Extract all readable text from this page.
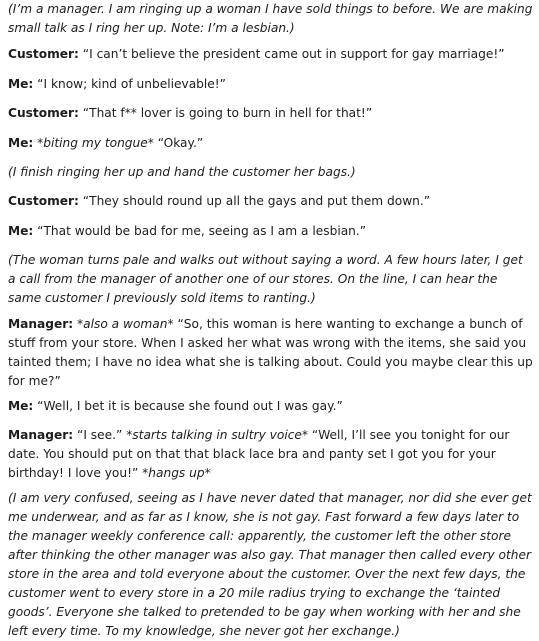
(I’m a manager. I am ringing up a woman I have sold things to before. We are making small talk as I ring her up. Note: I’m a lesbian.)

Customer: “I can’t believe the president came out in support for gay marriage!”

Me: “I know; kind of unbelievable!”

Customer: “That f** lover is going to burn in hell for that!”

Me: *biting my tongue* “Okay.”

(I finish ringing her up and hand the customer her bags.)

Customer: “They should round up all the gays and put them down.”

Me: “That would be bad for me, seeing as I am a lesbian.”

(The woman turns pale and walks out without saying a word. A few hours later, I get a call from the manager of another one of our stores. On the line, I can hear the same customer I previously sold items to ranting.)

Manager: *also a woman* “So, this woman is here wanting to exchange a bunch of stuff from your store. When I asked her what was wrong with the items, she said you tainted them; I have no idea what she is talking about. Could you maybe clear this up for me?”

Me: “Well, I bet it is because she found out I was gay.”

Manager: “I see.” *starts talking in sultry voice* “Well, I’ll see you tonight for our date. You should put on that that black lace bra and panty set I got you for your birthday! I love you!” *hangs up*

(I am very confused, seeing as I have never dated that manager, nor did she ever get me underwear, and as far as I know, she is not gay. Fast forward a few days later to the manager weekly conference call: apparently, the customer left the other store after thinking the other manager was also gay. That manager then called every other store in the area and told everyone about the customer. Over the next few days, the customer went to every store in a 20 mile radius trying to exchange the ‘tainted goods’. Everyone she talked to pretended to be gay when working with her and she left every time. To my knowledge, she never got her exchange.)
